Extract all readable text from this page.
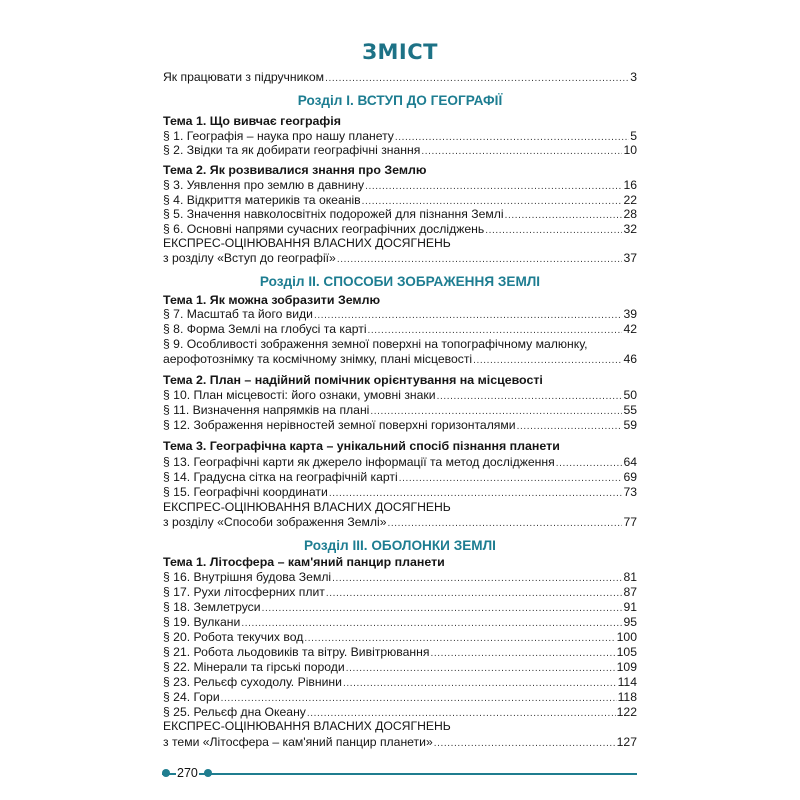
ЗМІСТ
Як працювати з підручником .....	3
Розділ I. ВСТУП ДО ГЕОГРАФІЇ
Тема 1. Що вивчає географія
§ 1. Географія – наука про нашу планету .....	5
§ 2. Звідки та як добирати географічні знання .....	10
Тема 2. Як розвивалися знання про Землю
§ 3. Уявлення про землю в давнину .....	16
§ 4. Відкриття материків та океанів .....	22
§ 5. Значення навколосвітніх подорожей для пізнання Землі .....	28
§ 6. Основні напрями сучасних географічних досліджень .....	32
ЕКСПРЕС-ОЦІНЮВАННЯ ВЛАСНИХ ДОСЯГНЕНЬ
з розділу «Вступ до географії» .....	37
Розділ II. СПОСОБИ ЗОБРАЖЕННЯ ЗЕМЛІ
Тема 1. Як можна зобразити Землю
§ 7. Масштаб та його види .....	39
§ 8. Форма Землі на глобусі та карті .....	42
§ 9. Особливості зображення земної поверхні на топографічному малюнку,
аерофотознімку та космічному знімку, плані місцевості .....	46
Тема 2. План – надійний помічник орієнтування на місцевості
§ 10. План місцевості: його ознаки, умовні знаки .....	50
§ 11. Визначення напрямків на плані .....	55
§ 12. Зображення нерівностей земної поверхні горизонталями .....	59
Тема 3. Географічна карта – унікальний спосіб пізнання планети
§ 13. Географічні карти як джерело інформації та метод дослідження .....	64
§ 14. Градусна сітка на географічній карті .....	69
§ 15. Географічні координати .....	73
ЕКСПРЕС-ОЦІНЮВАННЯ ВЛАСНИХ ДОСЯГНЕНЬ
з розділу «Способи зображення Землі» .....	77
Розділ III. ОБОЛОНКИ ЗЕМЛІ
Тема 1. Літосфера – кам'яний панцир планети
§ 16. Внутрішня будова Землі .....	81
§ 17. Рухи літосферних плит .....	87
§ 18. Землетруси .....	91
§ 19. Вулкани .....	95
§ 20. Робота текучих вод .....	100
§ 21. Робота льодовиків та вітру. Вивітрювання .....	105
§ 22. Мінерали та гірські породи .....	109
§ 23. Рельєф суходолу. Рівнини .....	114
§ 24. Гори .....	118
§ 25. Рельєф дна Океану .....	122
ЕКСПРЕС-ОЦІНЮВАННЯ ВЛАСНИХ ДОСЯГНЕНЬ
з теми «Літосфера – кам'яний панцир планети» .....	127
270
